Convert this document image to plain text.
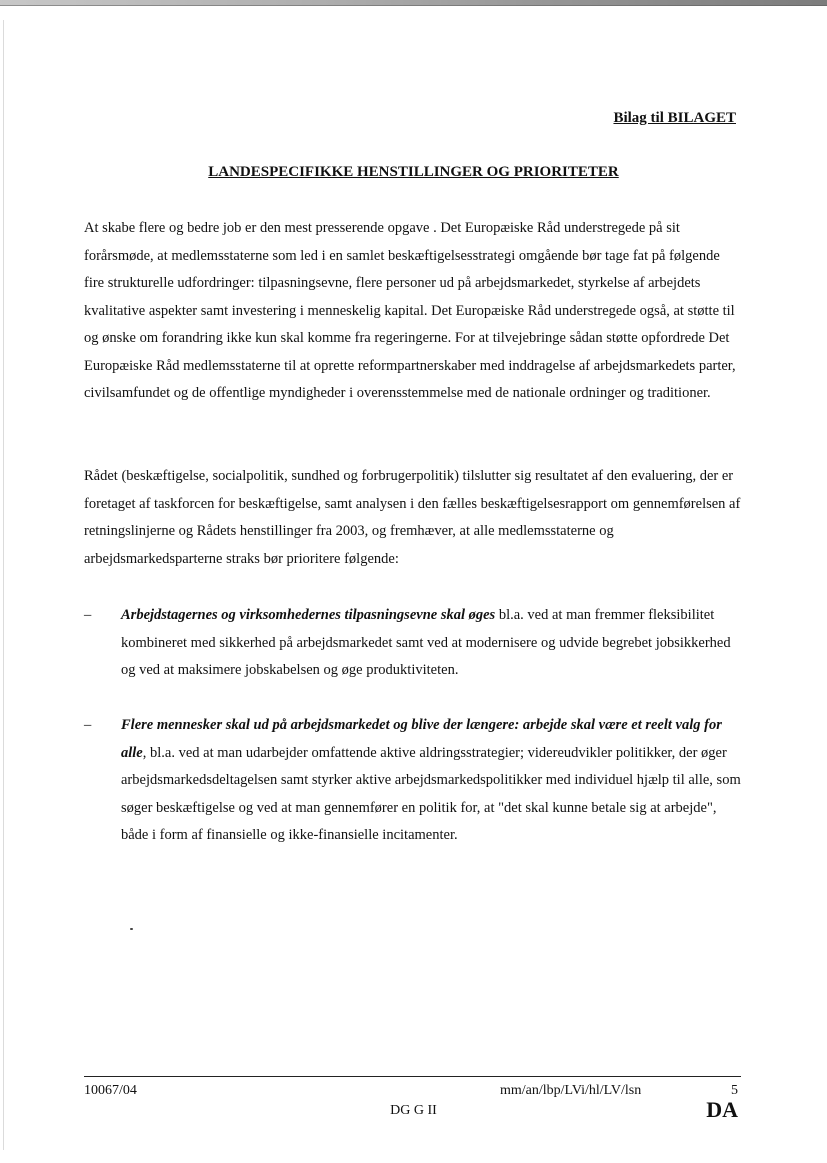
Bilag til BILAGET

LANDESPECIFIKKE HENSTILLINGER OG PRIORITETER

At skabe flere og bedre job er den mest presserende opgave . Det Europæiske Råd understregede på sit forårsmøde, at medlemsstaterne som led i en samlet beskæftigelsesstrategi omgående bør tage fat på følgende fire strukturelle udfordringer: tilpasningsevne, flere personer ud på arbejdsmarkedet, styrkelse af arbejdets kvalitative aspekter samt investering i menneskelig kapital. Det Europæiske Råd understregede også, at støtte til og ønske om forandring ikke kun skal komme fra regeringerne. For at tilvejebringe sådan støtte opfordrede Det Europæiske Råd medlemsstaterne til at oprette reformpartnerskaber med inddragelse af arbejdsmarkedets parter, civilsamfundet og de offentlige myndigheder i overensstemmelse med de nationale ordninger og traditioner.

Rådet (beskæftigelse, socialpolitik, sundhed og forbrugerpolitik) tilslutter sig resultatet af den evaluering, der er foretaget af taskforcen for beskæftigelse, samt analysen i den fælles beskæftigelsesrapport om gennemførelsen af retningslinjerne og Rådets henstillinger fra 2003, og fremhæver, at alle medlemsstaterne og arbejdsmarkedsparterne straks bør prioritere følgende:

–	Arbejdstagernes og virksomhedernes tilpasningsevne skal øges bl.a. ved at man fremmer fleksibilitet kombineret med sikkerhed på arbejdsmarkedet samt ved at modernisere og udvide begrebet jobsikkerhed og ved at maksimere jobskabelsen og øge produktiviteten.
–	Flere mennesker skal ud på arbejdsmarkedet og blive der længere: arbejde skal være et reelt valg for alle, bl.a. ved at man udarbejder omfattende aktive aldringsstrategier; videreudvikler politikker, der øger arbejdsmarkedsdeltagelsen samt styrker aktive arbejdsmarkedspolitikker med individuel hjælp til alle, som søger beskæftigelse og ved at man gennemfører en politik for, at "det skal kunne betale sig at arbejde", både i form af finansielle og ikke-finansielle incitamenter.

10067/04	mm/an/lbp/LVi/hl/LV/lsn	5

DG G II	DA
